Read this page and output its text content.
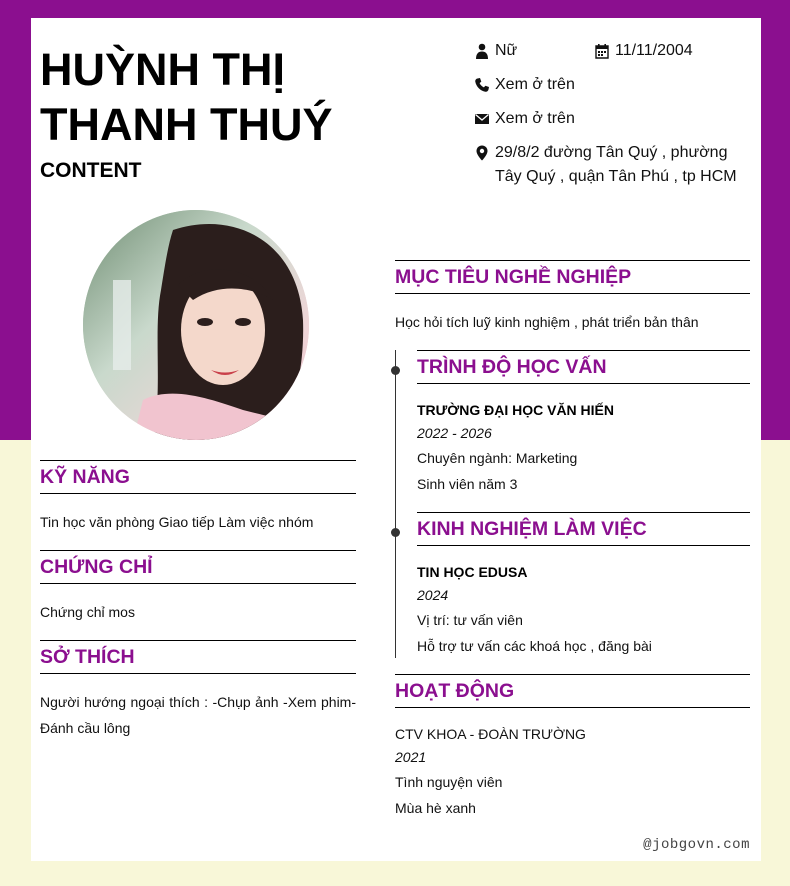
HUỲNH THỊ THANH THUÝ
CONTENT
Nữ	11/11/2004
Xem ở trên
Xem ở trên
29/8/2 đường Tân Quý , phường Tây Quý , quận Tân Phú , tp HCM
KỸ NĂNG
Tin học văn phòng Giao tiếp Làm việc nhóm
CHỨNG CHỈ
Chứng chỉ mos
SỞ THÍCH
Người hướng ngoại thích : -Chụp ảnh -Xem phim-Đánh cầu lông
MỤC TIÊU NGHỀ NGHIỆP
Học hỏi tích luỹ kinh nghiệm , phát triển bản thân
TRÌNH ĐỘ HỌC VẤN
TRƯỜNG ĐẠI HỌC VĂN HIẾN
2022 - 2026
Chuyên ngành: Marketing
Sinh viên năm 3
KINH NGHIỆM LÀM VIỆC
TIN HỌC EDUSA
2024
Vị trí: tư vấn viên
Hỗ trợ tư vấn các khoá học , đăng bài
HOẠT ĐỘNG
CTV KHOA - ĐOÀN TRƯỜNG
2021
Tình nguyện viên
Mùa hè xanh
@jobgovn.com
